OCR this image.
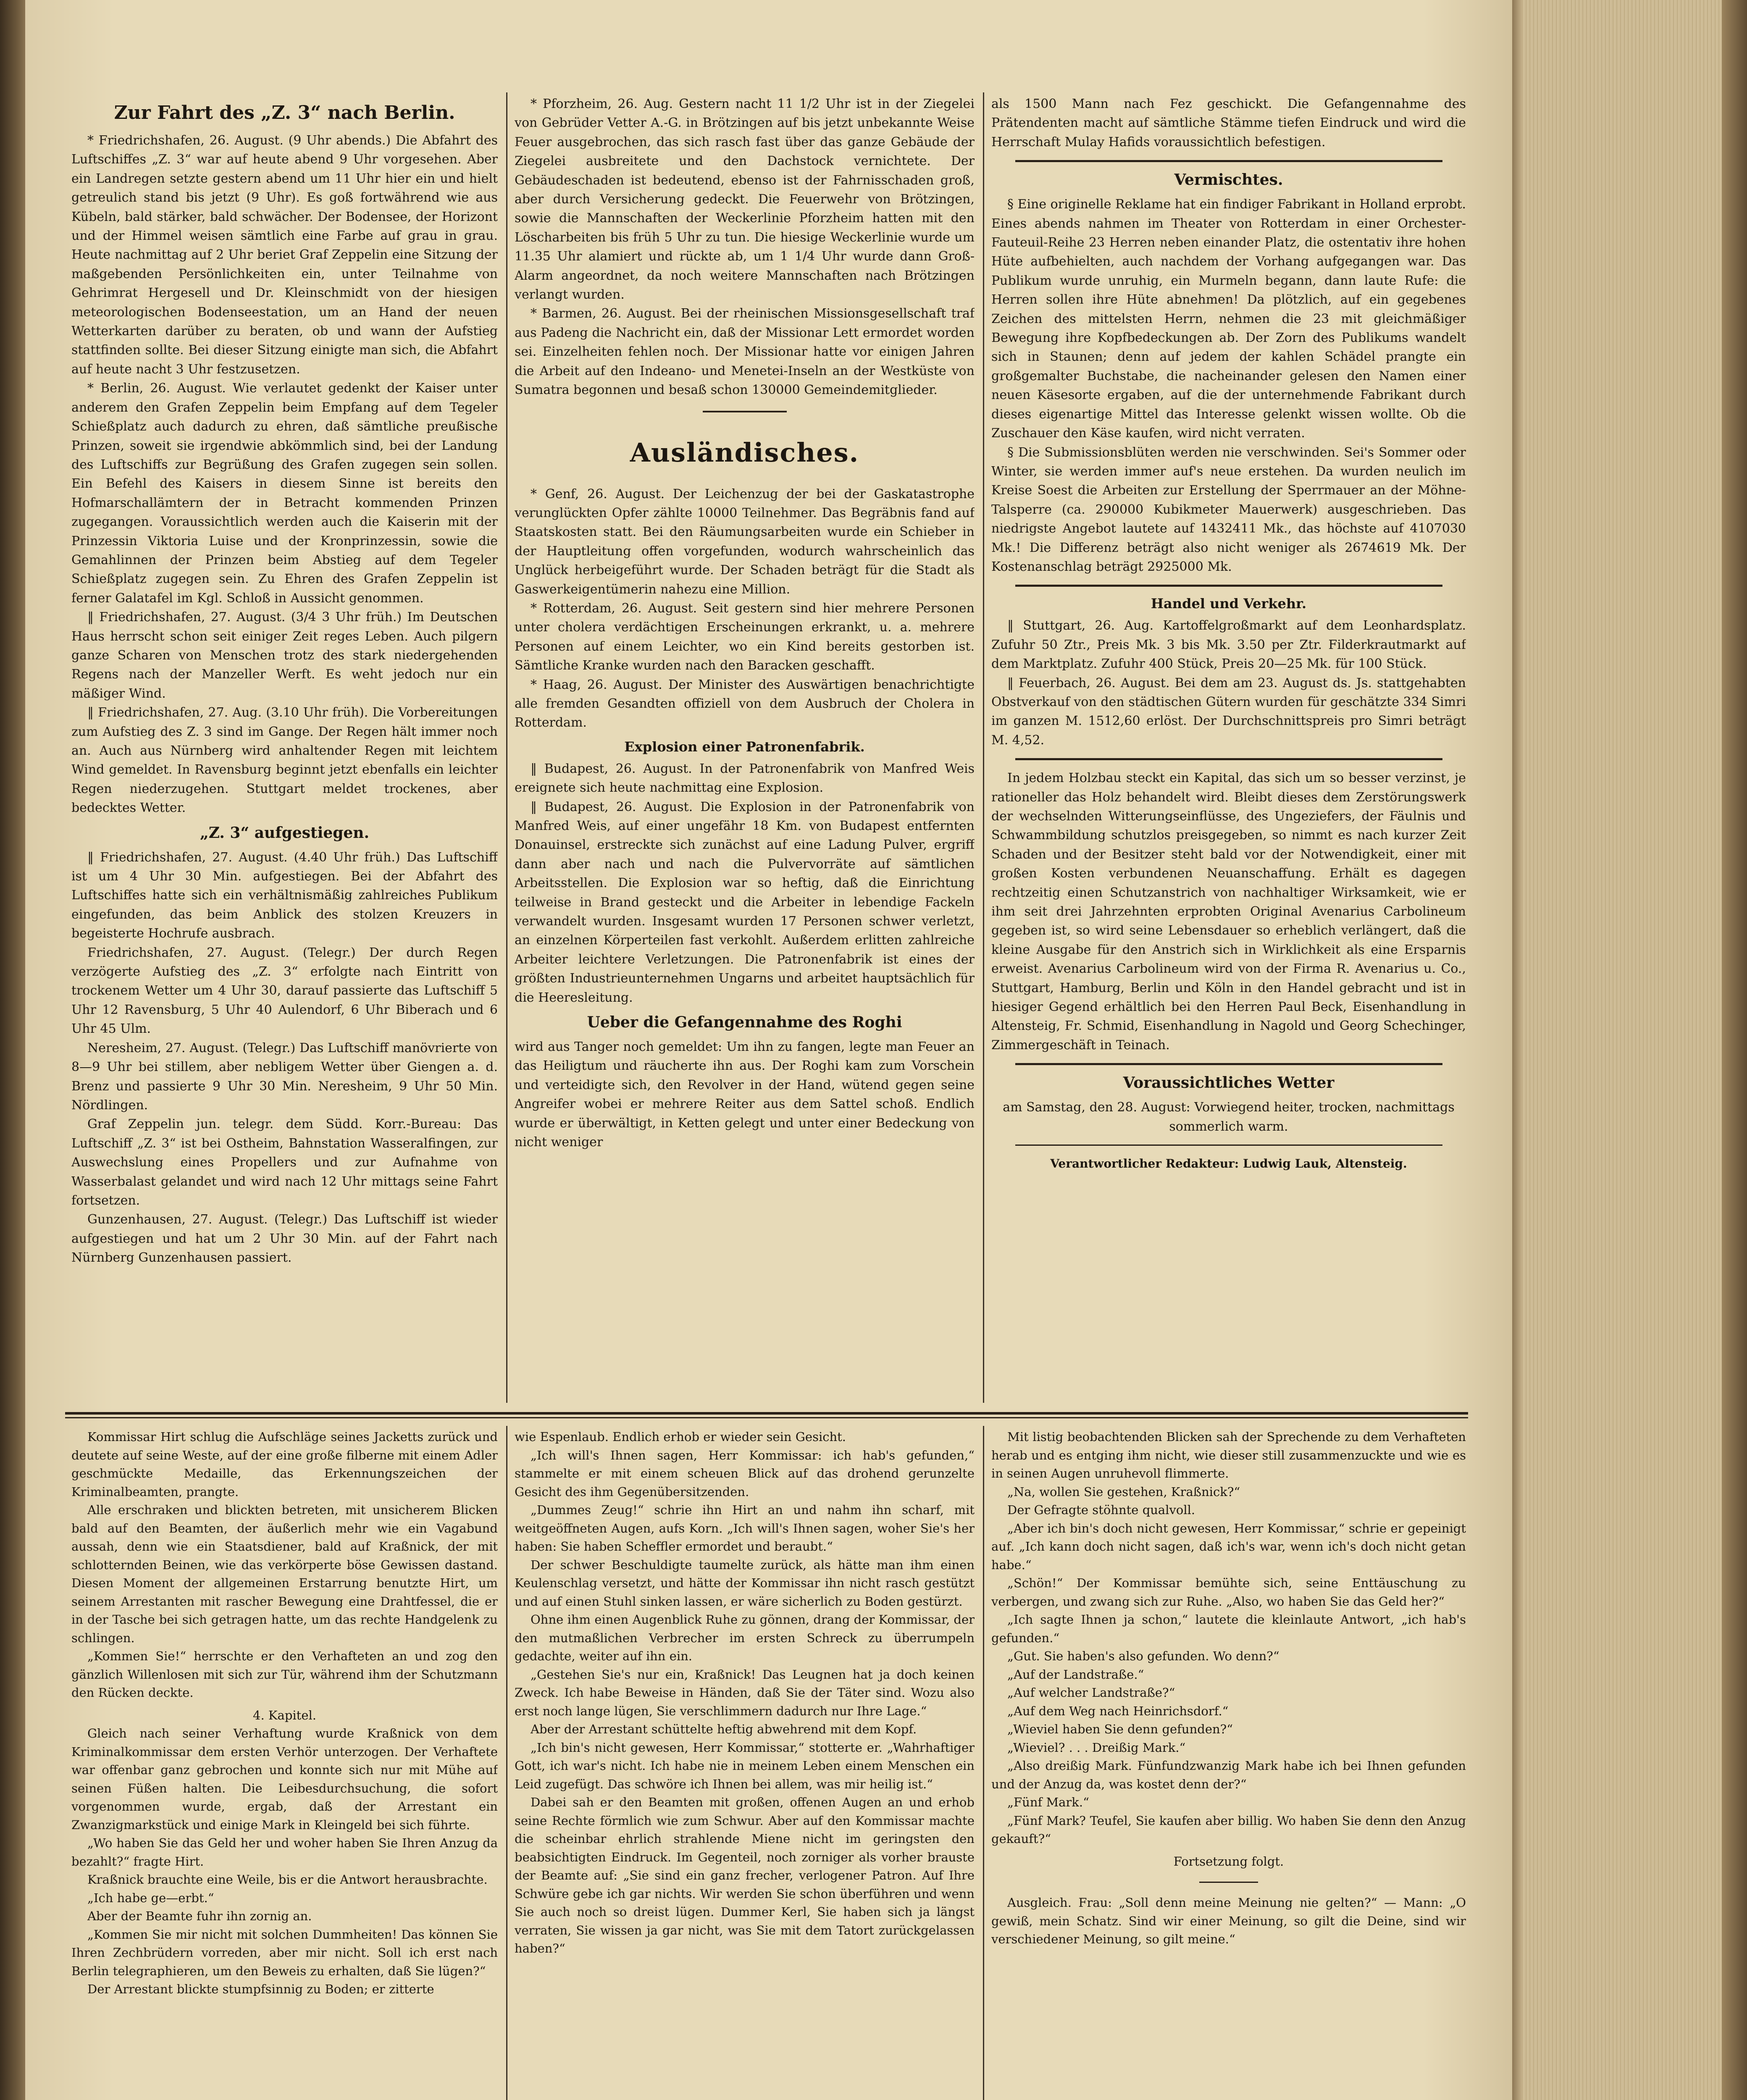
Zur Fahrt des „Z. 3“ nach Berlin.

* Friedrichshafen, 26. August. (9 Uhr abends.) Die Abfahrt des Luftschiffes „Z. 3“ war auf heute abend 9 Uhr vorgesehen. Aber ein Landregen setzte gestern abend um 11 Uhr hier ein und hielt getreulich stand bis jetzt (9 Uhr). Es goß fortwährend wie aus Kübeln, bald stärker, bald schwächer. Der Bodensee, der Horizont und der Himmel weisen sämtlich eine Farbe auf grau in grau. Heute nachmittag auf 2 Uhr beriet Graf Zeppelin eine Sitzung der maßgebenden Persönlichkeiten ein, unter Teilnahme von Gehrimrat Hergesell und Dr. Kleinschmidt von der hiesigen meteorologischen Bodenseestation, um an Hand der neuen Wetterkarten darüber zu beraten, ob und wann der Aufstieg stattfinden sollte. Bei dieser Sitzung einigte man sich, die Abfahrt auf heute nacht 3 Uhr festzusetzen.

* Berlin, 26. August. Wie verlautet gedenkt der Kaiser unter anderem den Grafen Zeppelin beim Empfang auf dem Tegeler Schießplatz auch dadurch zu ehren, daß sämtliche preußische Prinzen, soweit sie irgendwie abkömmlich sind, bei der Landung des Luftschiffs zur Begrüßung des Grafen zugegen sein sollen. Ein Befehl des Kaisers in diesem Sinne ist bereits den Hofmarschallämtern der in Betracht kommenden Prinzen zugegangen. Voraussichtlich werden auch die Kaiserin mit der Prinzessin Viktoria Luise und der Kronprinzessin, sowie die Gemahlinnen der Prinzen beim Abstieg auf dem Tegeler Schießplatz zugegen sein. Zu Ehren des Grafen Zeppelin ist ferner Galatafel im Kgl. Schloß in Aussicht genommen.

‖ Friedrichshafen, 27. August. (3/4 3 Uhr früh.) Im Deutschen Haus herrscht schon seit einiger Zeit reges Leben. Auch pilgern ganze Scharen von Menschen trotz des stark niedergehenden Regens nach der Manzeller Werft. Es weht jedoch nur ein mäßiger Wind.

‖ Friedrichshafen, 27. Aug. (3.10 Uhr früh). Die Vorbereitungen zum Aufstieg des Z. 3 sind im Gange. Der Regen hält immer noch an. Auch aus Nürnberg wird anhaltender Regen mit leichtem Wind gemeldet. In Ravensburg beginnt jetzt ebenfalls ein leichter Regen niederzugehen. Stuttgart meldet trockenes, aber bedecktes Wetter.

„Z. 3“ aufgestiegen.

‖ Friedrichshafen, 27. August. (4.40 Uhr früh.) Das Luftschiff ist um 4 Uhr 30 Min. aufgestiegen. Bei der Abfahrt des Luftschiffes hatte sich ein verhältnismäßig zahlreiches Publikum eingefunden, das beim Anblick des stolzen Kreuzers in begeisterte Hochrufe ausbrach.

Friedrichshafen, 27. August. (Telegr.) Der durch Regen verzögerte Aufstieg des „Z. 3“ erfolgte nach Eintritt von trockenem Wetter um 4 Uhr 30, darauf passierte das Luftschiff 5 Uhr 12 Ravensburg, 5 Uhr 40 Aulendorf, 6 Uhr Biberach und 6 Uhr 45 Ulm.

Neresheim, 27. August. (Telegr.) Das Luftschiff manövrierte von 8—9 Uhr bei stillem, aber nebligem Wetter über Giengen a. d. Brenz und passierte 9 Uhr 30 Min. Neresheim, 9 Uhr 50 Min. Nördlingen.

Graf Zeppelin jun. telegr. dem Südd. Korr.-Bureau: Das Luftschiff „Z. 3“ ist bei Ostheim, Bahnstation Wasseralfingen, zur Auswechslung eines Propellers und zur Aufnahme von Wasserbalast gelandet und wird nach 12 Uhr mittags seine Fahrt fortsetzen.

Gunzenhausen, 27. August. (Telegr.) Das Luftschiff ist wieder aufgestiegen und hat um 2 Uhr 30 Min. auf der Fahrt nach Nürnberg Gunzenhausen passiert.

* Pforzheim, 26. Aug. Gestern nacht 11 1/2 Uhr ist in der Ziegelei von Gebrüder Vetter A.-G. in Brötzingen auf bis jetzt unbekannte Weise Feuer ausgebrochen, das sich rasch fast über das ganze Gebäude der Ziegelei ausbreitete und den Dachstock vernichtete. Der Gebäudeschaden ist bedeutend, ebenso ist der Fahrnisschaden groß, aber durch Versicherung gedeckt. Die Feuerwehr von Brötzingen, sowie die Mannschaften der Weckerlinie Pforzheim hatten mit den Löscharbeiten bis früh 5 Uhr zu tun. Die hiesige Weckerlinie wurde um 11.35 Uhr alamiert und rückte ab, um 1 1/4 Uhr wurde dann Groß-Alarm angeordnet, da noch weitere Mannschaften nach Brötzingen verlangt wurden.

* Barmen, 26. August. Bei der rheinischen Missionsgesellschaft traf aus Padeng die Nachricht ein, daß der Missionar Lett ermordet worden sei. Einzelheiten fehlen noch. Der Missionar hatte vor einigen Jahren die Arbeit auf den Indeano- und Menetei-Inseln an der Westküste von Sumatra begonnen und besaß schon 130000 Gemeindemitglieder.

Ausländisches.

* Genf, 26. August. Der Leichenzug der bei der Gaskatastrophe verunglückten Opfer zählte 10000 Teilnehmer. Das Begräbnis fand auf Staatskosten statt. Bei den Räumungsarbeiten wurde ein Schieber in der Hauptleitung offen vorgefunden, wodurch wahrscheinlich das Unglück herbeigeführt wurde. Der Schaden beträgt für die Stadt als Gaswerkeigentümerin nahezu eine Million.

* Rotterdam, 26. August. Seit gestern sind hier mehrere Personen unter cholera verdächtigen Erscheinungen erkrankt, u. a. mehrere Personen auf einem Leichter, wo ein Kind bereits gestorben ist. Sämtliche Kranke wurden nach den Baracken geschafft.

* Haag, 26. August. Der Minister des Auswärtigen benachrichtigte alle fremden Gesandten offiziell von dem Ausbruch der Cholera in Rotterdam.

Explosion einer Patronenfabrik.

‖ Budapest, 26. August. In der Patronenfabrik von Manfred Weis ereignete sich heute nachmittag eine Explosion.

‖ Budapest, 26. August. Die Explosion in der Patronenfabrik von Manfred Weis, auf einer ungefähr 18 Km. von Budapest entfernten Donauinsel, erstreckte sich zunächst auf eine Ladung Pulver, ergriff dann aber nach und nach die Pulvervorräte auf sämtlichen Arbeitsstellen. Die Explosion war so heftig, daß die Einrichtung teilweise in Brand gesteckt und die Arbeiter in lebendige Fackeln verwandelt wurden. Insgesamt wurden 17 Personen schwer verletzt, an einzelnen Körperteilen fast verkohlt. Außerdem erlitten zahlreiche Arbeiter leichtere Verletzungen. Die Patronenfabrik ist eines der größten Industrieunternehmen Ungarns und arbeitet hauptsächlich für die Heeresleitung.

Ueber die Gefangennahme des Roghi

wird aus Tanger noch gemeldet: Um ihn zu fangen, legte man Feuer an das Heiligtum und räucherte ihn aus. Der Roghi kam zum Vorschein und verteidigte sich, den Revolver in der Hand, wütend gegen seine Angreifer wobei er mehrere Reiter aus dem Sattel schoß. Endlich wurde er überwältigt, in Ketten gelegt und unter einer Bedeckung von nicht weniger

als 1500 Mann nach Fez geschickt. Die Gefangennahme des Prätendenten macht auf sämtliche Stämme tiefen Eindruck und wird die Herrschaft Mulay Hafids voraussichtlich befestigen.

Vermischtes.

§ Eine originelle Reklame hat ein findiger Fabrikant in Holland erprobt. Eines abends nahmen im Theater von Rotterdam in einer Orchester-Fauteuil-Reihe 23 Herren neben einander Platz, die ostentativ ihre hohen Hüte aufbehielten, auch nachdem der Vorhang aufgegangen war. Das Publikum wurde unruhig, ein Murmeln begann, dann laute Rufe: die Herren sollen ihre Hüte abnehmen! Da plötzlich, auf ein gegebenes Zeichen des mittelsten Herrn, nehmen die 23 mit gleichmäßiger Bewegung ihre Kopfbedeckungen ab. Der Zorn des Publikums wandelt sich in Staunen; denn auf jedem der kahlen Schädel prangte ein großgemalter Buchstabe, die nacheinander gelesen den Namen einer neuen Käsesorte ergaben, auf die der unternehmende Fabrikant durch dieses eigenartige Mittel das Interesse gelenkt wissen wollte. Ob die Zuschauer den Käse kaufen, wird nicht verraten.

§ Die Submissionsblüten werden nie verschwinden. Sei's Sommer oder Winter, sie werden immer auf's neue erstehen. Da wurden neulich im Kreise Soest die Arbeiten zur Erstellung der Sperrmauer an der Möhne-Talsperre (ca. 290000 Kubikmeter Mauerwerk) ausgeschrieben. Das niedrigste Angebot lautete auf 1432411 Mk., das höchste auf 4107030 Mk.! Die Differenz beträgt also nicht weniger als 2674619 Mk. Der Kostenanschlag beträgt 2925000 Mk.

Handel und Verkehr.

‖ Stuttgart, 26. Aug. Kartoffelgroßmarkt auf dem Leonhardsplatz. Zufuhr 50 Ztr., Preis Mk. 3 bis Mk. 3.50 per Ztr. Filderkrautmarkt auf dem Marktplatz. Zufuhr 400 Stück, Preis 20—25 Mk. für 100 Stück.

‖ Feuerbach, 26. August. Bei dem am 23. August ds. Js. stattgehabten Obstverkauf von den städtischen Gütern wurden für geschätzte 334 Simri im ganzen M. 1512,60 erlöst. Der Durchschnittspreis pro Simri beträgt M. 4,52.

In jedem Holzbau steckt ein Kapital, das sich um so besser verzinst, je rationeller das Holz behandelt wird. Bleibt dieses dem Zerstörungswerk der wechselnden Witterungseinflüsse, des Ungeziefers, der Fäulnis und Schwammbildung schutzlos preisgegeben, so nimmt es nach kurzer Zeit Schaden und der Besitzer steht bald vor der Notwendigkeit, einer mit großen Kosten verbundenen Neuanschaffung. Erhält es dagegen rechtzeitig einen Schutzanstrich von nachhaltiger Wirksamkeit, wie er ihm seit drei Jahrzehnten erprobten Original Avenarius Carbolineum gegeben ist, so wird seine Lebensdauer so erheblich verlängert, daß die kleine Ausgabe für den Anstrich sich in Wirklichkeit als eine Ersparnis erweist. Avenarius Carbolineum wird von der Firma R. Avenarius u. Co., Stuttgart, Hamburg, Berlin und Köln in den Handel gebracht und ist in hiesiger Gegend erhältlich bei den Herren Paul Beck, Eisenhandlung in Altensteig, Fr. Schmid, Eisenhandlung in Nagold und Georg Schechinger, Zimmergeschäft in Teinach.

Voraussichtliches Wetter

am Samstag, den 28. August: Vorwiegend heiter, trocken, nachmittags sommerlich warm.

Verantwortlicher Redakteur: Ludwig Lauk, Altensteig.

Kommissar Hirt schlug die Aufschläge seines Jacketts zurück und deutete auf seine Weste, auf der eine große filberne mit einem Adler geschmückte Medaille, das Erkennungszeichen der Kriminalbeamten, prangte.

Alle erschraken und blickten betreten, mit unsicherem Blicken bald auf den Beamten, der äußerlich mehr wie ein Vagabund aussah, denn wie ein Staatsdiener, bald auf Kraßnick, der mit schlotternden Beinen, wie das verkörperte böse Gewissen dastand. Diesen Moment der allgemeinen Erstarrung benutzte Hirt, um seinem Arrestanten mit rascher Bewegung eine Drahtfessel, die er in der Tasche bei sich getragen hatte, um das rechte Handgelenk zu schlingen.

„Kommen Sie!“ herrschte er den Verhafteten an und zog den gänzlich Willenlosen mit sich zur Tür, während ihm der Schutzmann den Rücken deckte.

4. Kapitel.

Gleich nach seiner Verhaftung wurde Kraßnick von dem Kriminalkommissar dem ersten Verhör unterzogen. Der Verhaftete war offenbar ganz gebrochen und konnte sich nur mit Mühe auf seinen Füßen halten. Die Leibesdurchsuchung, die sofort vorgenommen wurde, ergab, daß der Arrestant ein Zwanzigmarkstück und einige Mark in Kleingeld bei sich führte.

„Wo haben Sie das Geld her und woher haben Sie Ihren Anzug da bezahlt?“ fragte Hirt.

Kraßnick brauchte eine Weile, bis er die Antwort herausbrachte.

„Ich habe ge—erbt.“

Aber der Beamte fuhr ihn zornig an.

„Kommen Sie mir nicht mit solchen Dummheiten! Das können Sie Ihren Zechbrüdern vorreden, aber mir nicht. Soll ich erst nach Berlin telegraphieren, um den Beweis zu erhalten, daß Sie lügen?“

Der Arrestant blickte stumpfsinnig zu Boden; er zitterte

wie Espenlaub. Endlich erhob er wieder sein Gesicht.

„Ich will's Ihnen sagen, Herr Kommissar: ich hab's gefunden,“ stammelte er mit einem scheuen Blick auf das drohend gerunzelte Gesicht des ihm Gegenübersitzenden.

„Dummes Zeug!“ schrie ihn Hirt an und nahm ihn scharf, mit weitgeöffneten Augen, aufs Korn. „Ich will's Ihnen sagen, woher Sie's her haben: Sie haben Scheffler ermordet und beraubt.“

Der schwer Beschuldigte taumelte zurück, als hätte man ihm einen Keulenschlag versetzt, und hätte der Kommissar ihn nicht rasch gestützt und auf einen Stuhl sinken lassen, er wäre sicherlich zu Boden gestürzt.

Ohne ihm einen Augenblick Ruhe zu gönnen, drang der Kommissar, der den mutmaßlichen Verbrecher im ersten Schreck zu überrumpeln gedachte, weiter auf ihn ein.

„Gestehen Sie's nur ein, Kraßnick! Das Leugnen hat ja doch keinen Zweck. Ich habe Beweise in Händen, daß Sie der Täter sind. Wozu also erst noch lange lügen, Sie verschlimmern dadurch nur Ihre Lage.“

Aber der Arrestant schüttelte heftig abwehrend mit dem Kopf.

„Ich bin's nicht gewesen, Herr Kommissar,“ stotterte er. „Wahrhaftiger Gott, ich war's nicht. Ich habe nie in meinem Leben einem Menschen ein Leid zugefügt. Das schwöre ich Ihnen bei allem, was mir heilig ist.“

Dabei sah er den Beamten mit großen, offenen Augen an und erhob seine Rechte förmlich wie zum Schwur. Aber auf den Kommissar machte die scheinbar ehrlich strahlende Miene nicht im geringsten den beabsichtigten Eindruck. Im Gegenteil, noch zorniger als vorher brauste der Beamte auf: „Sie sind ein ganz frecher, verlogener Patron. Auf Ihre Schwüre gebe ich gar nichts. Wir werden Sie schon überführen und wenn Sie auch noch so dreist lügen. Dummer Kerl, Sie haben sich ja längst verraten, Sie wissen ja gar nicht, was Sie mit dem Tatort zurückgelassen haben?“

Mit listig beobachtenden Blicken sah der Sprechende zu dem Verhafteten herab und es entging ihm nicht, wie dieser still zusammenzuckte und wie es in seinen Augen unruhevoll flimmerte.

„Na, wollen Sie gestehen, Kraßnick?“

Der Gefragte stöhnte qualvoll.

„Aber ich bin's doch nicht gewesen, Herr Kommissar,“ schrie er gepeinigt auf. „Ich kann doch nicht sagen, daß ich's war, wenn ich's doch nicht getan habe.“

„Schön!“ Der Kommissar bemühte sich, seine Enttäuschung zu verbergen, und zwang sich zur Ruhe. „Also, wo haben Sie das Geld her?“

„Ich sagte Ihnen ja schon,“ lautete die kleinlaute Antwort, „ich hab's gefunden.“

„Gut. Sie haben's also gefunden. Wo denn?“

„Auf der Landstraße.“

„Auf welcher Landstraße?“

„Auf dem Weg nach Heinrichsdorf.“

„Wieviel haben Sie denn gefunden?“

„Wieviel? . . . Dreißig Mark.“

„Also dreißig Mark. Fünfundzwanzig Mark habe ich bei Ihnen gefunden und der Anzug da, was kostet denn der?“

„Fünf Mark.“

„Fünf Mark? Teufel, Sie kaufen aber billig. Wo haben Sie denn den Anzug gekauft?“

Fortsetzung folgt.

Ausgleich. Frau: „Soll denn meine Meinung nie gelten?“ — Mann: „O gewiß, mein Schatz. Sind wir einer Meinung, so gilt die Deine, sind wir verschiedener Meinung, so gilt meine.“
